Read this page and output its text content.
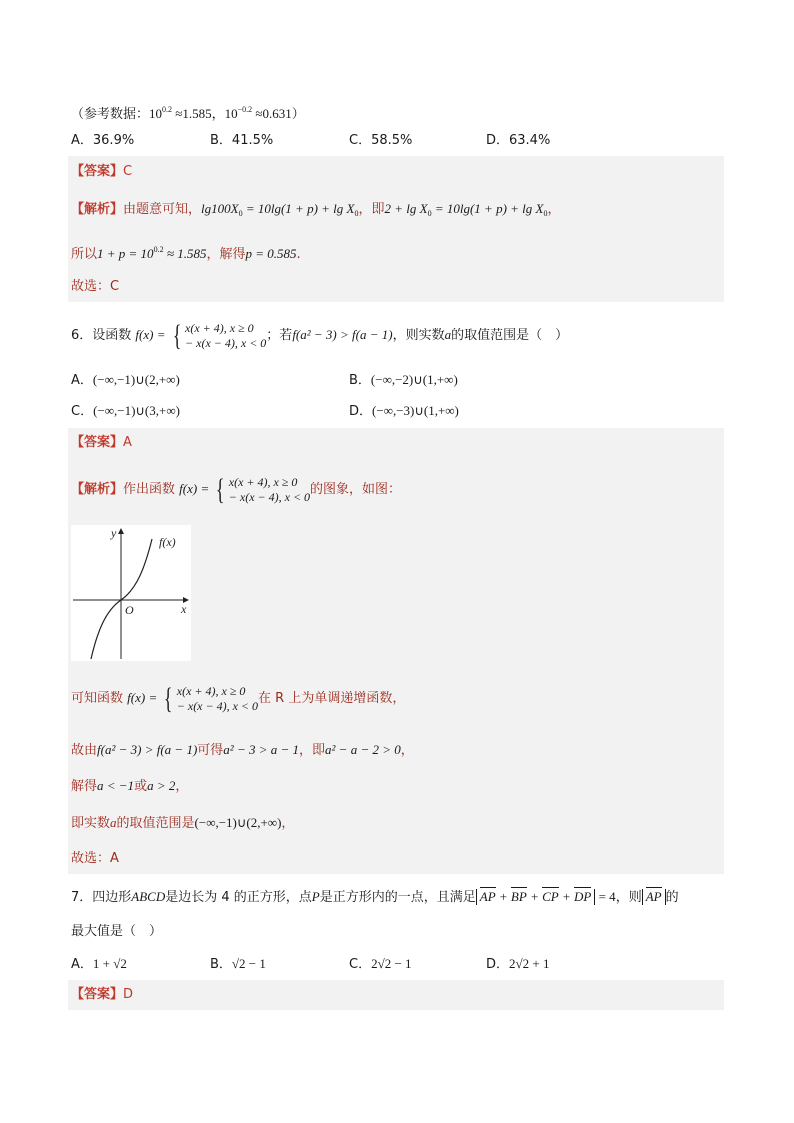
（参考数据：$10^{0.2} \approx 1.585$，$10^{-0.2} \approx 0.631$）
A．36.9%	B．41.5%	C．58.5%	D．63.4%
【答案】C
【解析】由题意可知，$\lg 100X_0 = 10\lg(1 + p) + \lg X_0$，即$2 + \lg X_0 = 10\lg(1 + p) + \lg X_0$，
所以$1 + p = 10^{0.2} \approx 1.585$，解得p = 0.585.
故选：C
6．设函数 f(x) = { x(x + 4), x ≥ 0
− x(x − 4), x < 0 ；若f(a² − 3) > f(a − 1)，则实数a的取值范围是（　）
A．(−∞,−1)∪(2,+∞)	B．(−∞,−2)∪(1,+∞)
C．(−∞,−1)∪(3,+∞)	D．(−∞,−3)∪(1,+∞)
【答案】A
【解析】作出函数 f(x) = { x(x + 4), x ≥ 0
− x(x − 4), x < 0 的图象，如图：
y
x
O
f(x)
可知函数 f(x) = { x(x + 4), x ≥ 0
− x(x − 4), x < 0 在 R 上为单调递增函数，
故由f(a² − 3) > f(a − 1)可得a² − 3 > a − 1，即a² − a − 2 > 0，
解得a < −1或a > 2，
即实数a的取值范围是(−∞,−1)∪(2,+∞)，
故选：A
7．四边形ABCD是边长为 4 的正方形，点P是正方形内的一点，且满足 AP + BP + CP + DP = 4，则 AP 的
最大值是（　）
A．1 + √2	B．√2 − 1	C．2√2 − 1	D．2√2 + 1
【答案】D
